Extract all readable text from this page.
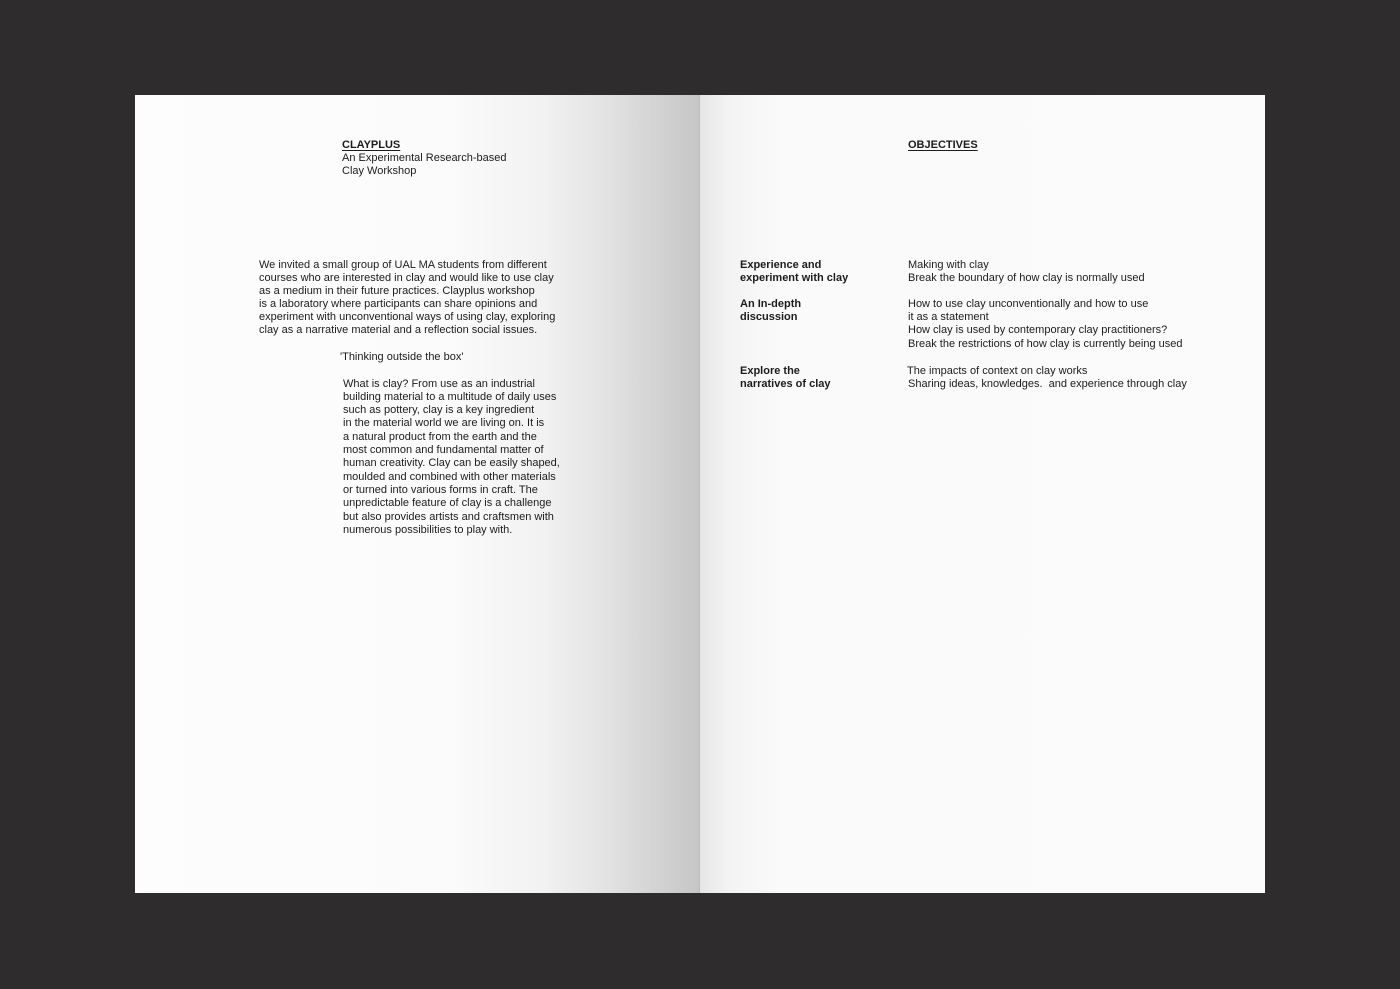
CLAYPLUS

An Experimental Research-based

Clay Workshop

We invited a small group of UAL MA students from different

courses who are interested in clay and would like to use clay

as a medium in their future practices. Clayplus workshop

is a laboratory where participants can share opinions and

experiment with unconventional ways of using clay, exploring

clay as a narrative material and a reflection social issues.

'Thinking outside the box'

What is clay? From use as an industrial

building material to a multitude of daily uses

such as pottery, clay is a key ingredient

in the material world we are living on. It is

a natural product from the earth and the

most common and fundamental matter of

human creativity. Clay can be easily shaped,

moulded and combined with other materials

or turned into various forms in craft. The

unpredictable feature of clay is a challenge

but also provides artists and craftsmen with

numerous possibilities to play with.

OBJECTIVES

Experience and

experiment with clay

Making with clay

Break the boundary of how clay is normally used

An In-depth

discussion

How to use clay unconventionally and how to use

it as a statement

How clay is used by contemporary clay practitioners?

Break the restrictions of how clay is currently being used

Explore the

narratives of clay

The impacts of context on clay works

Sharing ideas, knowledges.  and experience through clay
